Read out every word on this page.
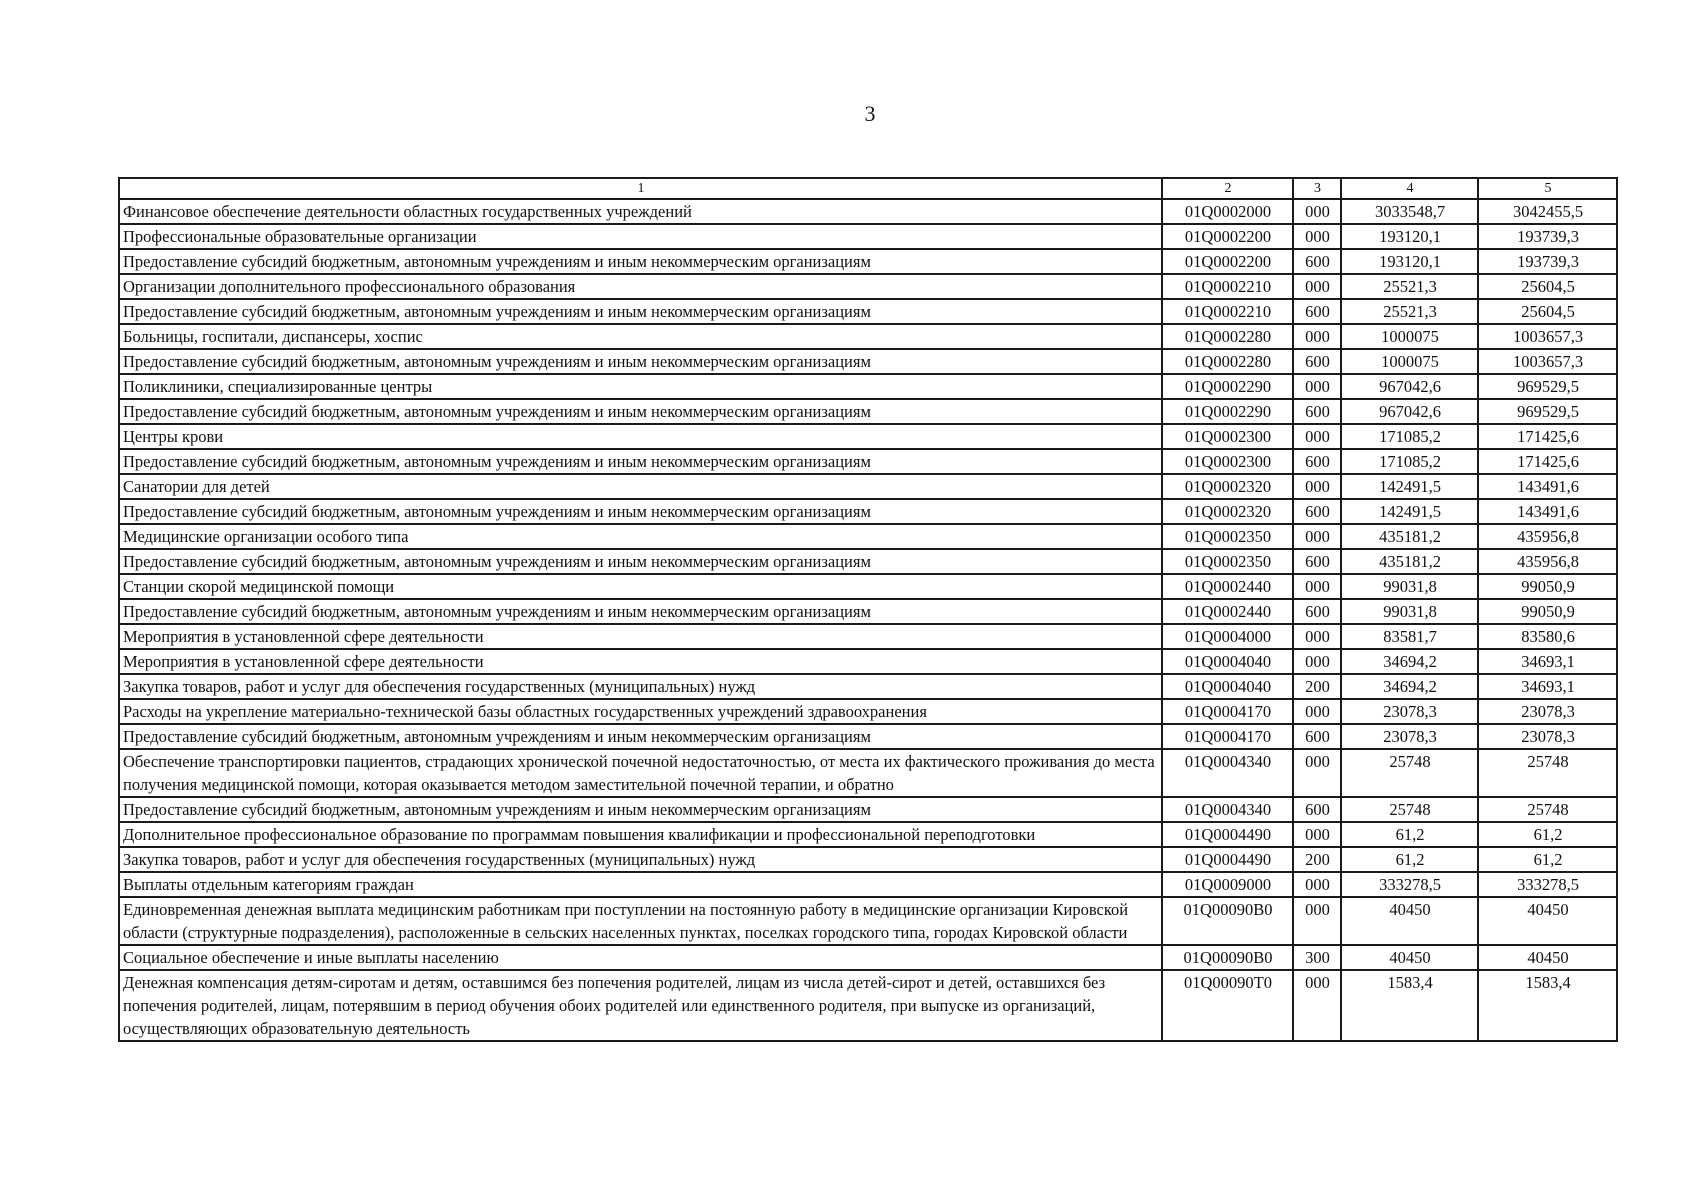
3
1	2	3	4	5
Финансовое обеспечение деятельности областных государственных учреждений	01Q0002000	000	3033548,7	3042455,5
Профессиональные образовательные организации	01Q0002200	000	193120,1	193739,3
Предоставление субсидий бюджетным, автономным учреждениям и иным некоммерческим организациям	01Q0002200	600	193120,1	193739,3
Организации дополнительного профессионального образования	01Q0002210	000	25521,3	25604,5
Предоставление субсидий бюджетным, автономным учреждениям и иным некоммерческим организациям	01Q0002210	600	25521,3	25604,5
Больницы, госпитали, диспансеры, хоспис	01Q0002280	000	1000075	1003657,3
Предоставление субсидий бюджетным, автономным учреждениям и иным некоммерческим организациям	01Q0002280	600	1000075	1003657,3
Поликлиники, специализированные центры	01Q0002290	000	967042,6	969529,5
Предоставление субсидий бюджетным, автономным учреждениям и иным некоммерческим организациям	01Q0002290	600	967042,6	969529,5
Центры крови	01Q0002300	000	171085,2	171425,6
Предоставление субсидий бюджетным, автономным учреждениям и иным некоммерческим организациям	01Q0002300	600	171085,2	171425,6
Санатории для детей	01Q0002320	000	142491,5	143491,6
Предоставление субсидий бюджетным, автономным учреждениям и иным некоммерческим организациям	01Q0002320	600	142491,5	143491,6
Медицинские организации особого типа	01Q0002350	000	435181,2	435956,8
Предоставление субсидий бюджетным, автономным учреждениям и иным некоммерческим организациям	01Q0002350	600	435181,2	435956,8
Станции скорой медицинской помощи	01Q0002440	000	99031,8	99050,9
Предоставление субсидий бюджетным, автономным учреждениям и иным некоммерческим организациям	01Q0002440	600	99031,8	99050,9
Мероприятия в установленной сфере деятельности	01Q0004000	000	83581,7	83580,6
Мероприятия в установленной сфере деятельности	01Q0004040	000	34694,2	34693,1
Закупка товаров, работ и услуг для обеспечения государственных (муниципальных) нужд	01Q0004040	200	34694,2	34693,1
Расходы на укрепление материально-технической базы областных государственных учреждений здравоохранения	01Q0004170	000	23078,3	23078,3
Предоставление субсидий бюджетным, автономным учреждениям и иным некоммерческим организациям	01Q0004170	600	23078,3	23078,3
Обеспечение транспортировки пациентов, страдающих хронической почечной недостаточностью, от места их фактического проживания до места получения медицинской помощи, которая оказывается методом заместительной почечной терапии, и обратно	01Q0004340	000	25748	25748
Предоставление субсидий бюджетным, автономным учреждениям и иным некоммерческим организациям	01Q0004340	600	25748	25748
Дополнительное профессиональное образование по программам повышения квалификации и профессиональной переподготовки	01Q0004490	000	61,2	61,2
Закупка товаров, работ и услуг для обеспечения государственных (муниципальных) нужд	01Q0004490	200	61,2	61,2
Выплаты отдельным категориям граждан	01Q0009000	000	333278,5	333278,5
Единовременная денежная выплата медицинским работникам при поступлении на постоянную работу в медицинские организации Кировской области (структурные подразделения), расположенные в сельских населенных пунктах, поселках городского типа, городах Кировской области	01Q00090B0	000	40450	40450
Социальное обеспечение и иные выплаты населению	01Q00090B0	300	40450	40450
Денежная компенсация детям-сиротам и детям, оставшимся без попечения родителей, лицам из числа детей-сирот и детей, оставшихся без попечения родителей, лицам, потерявшим в период обучения обоих родителей или единственного родителя, при выпуске из организаций, осуществляющих образовательную деятельность	01Q00090T0	000	1583,4	1583,4
